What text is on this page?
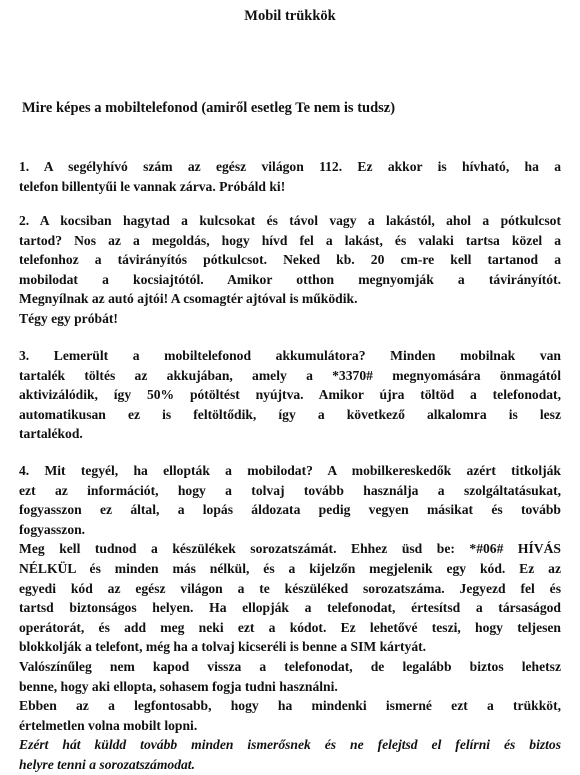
Mobil trükkök
Mire képes a mobiltelefonod (amiről esetleg Te nem is tudsz)
1. A segélyhívó szám az egész világon 112. Ez akkor is hívható, ha a
telefon billentyűi le vannak zárva. Próbáld ki!
2. A kocsiban hagytad a kulcsokat és távol vagy a lakástól, ahol a pótkulcsot
tartod? Nos az a megoldás, hogy hívd fel a lakást, és valaki tartsa közel a
telefonhoz a távirányítós pótkulcsot. Neked kb. 20 cm-re kell tartanod a
mobilodat a kocsiajtótól. Amikor otthon megnyomják a távirányítót.
Megnyílnak az autó ajtói! A csomagtér ajtóval is működik.
Tégy egy próbát!
3. Lemerült a mobiltelefonod akkumulátora? Minden mobilnak van
tartalék töltés az akkujában, amely a *3370# megnyomására önmagától
aktivizálódik, így 50% pótöltést nyújtva. Amikor újra töltöd a telefonodat,
automatikusan ez is feltöltődik, így a következő alkalomra is lesz
tartalékod.
4. Mit tegyél, ha ellopták a mobilodat? A mobilkereskedők azért titkolják
ezt az információt, hogy a tolvaj tovább használja a szolgáltatásukat,
fogyasszon ez által, a lopás áldozata pedig vegyen másikat és tovább
fogyasszon.
Meg kell tudnod a készülékek sorozatszámát. Ehhez üsd be: *#06# HÍVÁS
NÉLKÜL és minden más nélkül, és a kijelzőn megjelenik egy kód. Ez az
egyedi kód az egész világon a te készüléked sorozatszáma. Jegyezd fel és
tartsd biztonságos helyen. Ha ellopják a telefonodat, értesítsd a társaságod
operátorát, és add meg neki ezt a kódot. Ez lehetővé teszi, hogy teljesen
blokkolják a telefont, még ha a tolvaj kicseréli is benne a SIM kártyát.
Valószínűleg nem kapod vissza a telefonodat, de legalább biztos lehetsz
benne, hogy aki ellopta, sohasem fogja tudni használni.
Ebben az a legfontosabb, hogy ha mindenki ismerné ezt a trükköt,
értelmetlen volna mobilt lopni.
Ezért hát küldd tovább minden ismerősnek és ne felejtsd el felírni és biztos
helyre tenni a sorozatszámodat.
